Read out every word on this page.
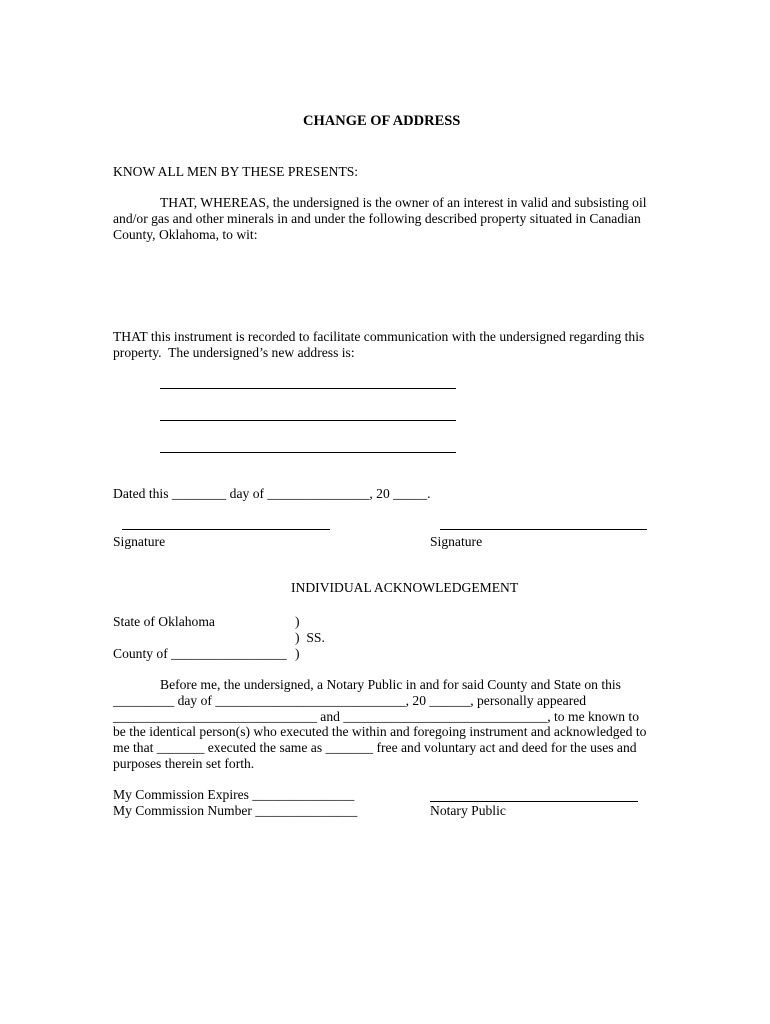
CHANGE OF ADDRESS
KNOW ALL MEN BY THESE PRESENTS:
THAT, WHEREAS, the undersigned is the owner of an interest in valid and subsisting oil
and/or gas and other minerals in and under the following described property situated in Canadian
County, Oklahoma, to wit:
THAT this instrument is recorded to facilitate communication with the undersigned regarding this
property.  The undersigned’s new address is:
Dated this ________ day of _______________, 20 _____.
Signature	Signature
INDIVIDUAL ACKNOWLEDGEMENT
State of Oklahoma	)
)  SS.
County of _________________ )
Before me, the undersigned, a Notary Public in and for said County and State on this
_________ day of ____________________________, 20 ______, personally appeared
______________________________ and ______________________________, to me known to
be the identical person(s) who executed the within and foregoing instrument and acknowledged to
me that _______ executed the same as _______ free and voluntary act and deed for the uses and
purposes therein set forth.
My Commission Expires _______________
My Commission Number _______________	Notary Public
